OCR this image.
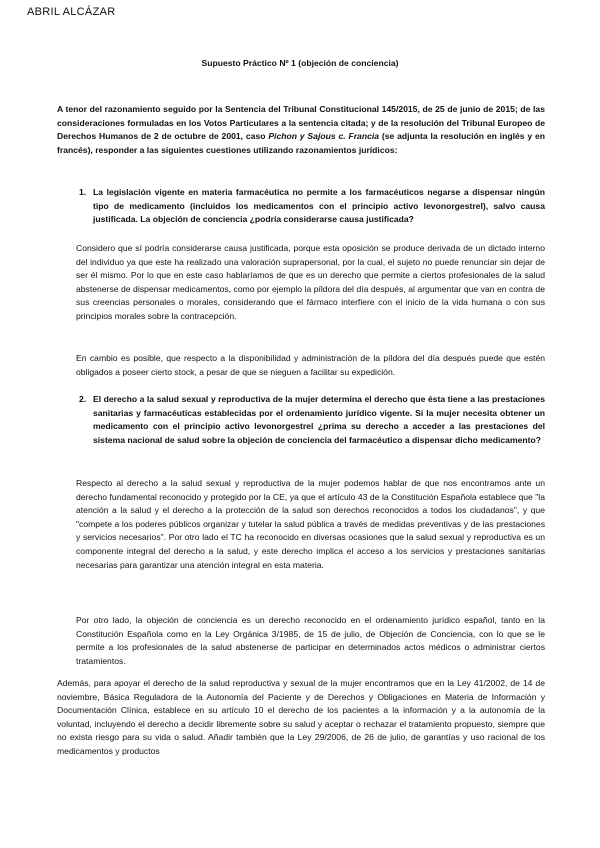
ABRIL ALCÁZAR
Supuesto Práctico Nº 1 (objeción de conciencia)
A tenor del razonamiento seguido por la Sentencia del Tribunal Constitucional 145/2015, de 25 de junio de 2015; de las consideraciones formuladas en los Votos Particulares a la sentencia citada; y de la resolución del Tribunal Europeo de Derechos Humanos de 2 de octubre de 2001, caso Pichon y Sajous c. Francia (se adjunta la resolución en inglés y en francés), responder a las siguientes cuestiones utilizando razonamientos jurídicos:
1. La legislación vigente en materia farmacéutica no permite a los farmacéuticos negarse a dispensar ningún tipo de medicamento (incluidos los medicamentos con el principio activo levonorgestrel), salvo causa justificada. La objeción de conciencia ¿podría considerarse causa justificada?
Considero que sí podría considerarse causa justificada, porque esta oposición se produce derivada de un dictado interno del individuo ya que este ha realizado una valoración suprapersonal, por la cual, el sujeto no puede renunciar sin dejar de ser él mismo. Por lo que en este caso hablaríamos de que es un derecho que permite a ciertos profesionales de la salud abstenerse de dispensar medicamentos, como por ejemplo la píldora del día después, al argumentar que van en contra de sus creencias personales o morales, considerando que el fármaco interfiere con el inicio de la vida humana o con sus principios morales sobre la contracepción.
En cambio es posible, que respecto a la disponibilidad y administración de la píldora del día después puede que estén obligados a poseer cierto stock, a pesar de que se nieguen a facilitar su expedición.
2. El derecho a la salud sexual y reproductiva de la mujer determina el derecho que ésta tiene a las prestaciones sanitarias y farmacéuticas establecidas por el ordenamiento jurídico vigente. Si la mujer necesita obtener un medicamento con el principio activo levonorgestrel ¿prima su derecho a acceder a las prestaciones del sistema nacional de salud sobre la objeción de conciencia del farmacéutico a dispensar dicho medicamento?
Respecto al derecho a la salud sexual y reproductiva de la mujer podemos hablar de que nos encontramos ante un derecho fundamental reconocido y protegido por la CE, ya que el artículo 43 de la Constitución Española establece que "la atención a la salud y el derecho a la protección de la salud son derechos reconocidos a todos los ciudadanos", y que "compete a los poderes públicos organizar y tutelar la salud pública a través de medidas preventivas y de las prestaciones y servicios necesarios". Por otro lado el TC ha reconocido en diversas ocasiones que la salud sexual y reproductiva es un componente integral del derecho a la salud, y este derecho implica el acceso a los servicios y prestaciones sanitarias necesarias para garantizar una atención integral en esta materia.
Por otro lado, la objeción de conciencia es un derecho reconocido en el ordenamiento jurídico español, tanto en la Constitución Española como en la Ley Orgánica 3/1985, de 15 de julio, de Objeción de Conciencia, con lo que se le permite a los profesionales de la salud abstenerse de participar en determinados actos médicos o administrar ciertos tratamientos.
Además, para apoyar el derecho de la salud reproductiva y sexual de la mujer encontramos que en la Ley 41/2002, de 14 de noviembre, Básica Reguladora de la Autonomía del Paciente y de Derechos y Obligaciones en Materia de Información y Documentación Clínica, establece en su artículo 10 el derecho de los pacientes a la información y a la autonomía de la voluntad, incluyendo el derecho a decidir libremente sobre su salud y aceptar o rechazar el tratamiento propuesto, siempre que no exista riesgo para su vida o salud. Añadir también que la Ley 29/2006, de 26 de julio, de garantías y uso racional de los medicamentos y productos
